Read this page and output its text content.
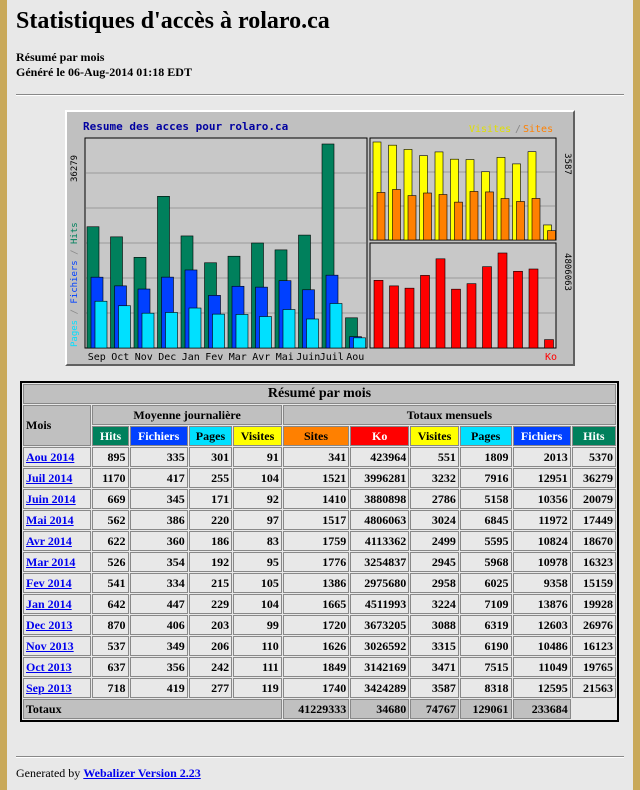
Statistiques d'accès à rolaro.ca
Résumé par mois
Généré le 06-Aug-2014 01:18 EDT
Resume des acces pour rolaro.ca	Visites / Sites
36279
Pages / Fichiers / Hits
3587
4806063
Ko
Sep Oct Nov Dec Jan Fev Mar Avr Mai Juin Juil Aou
Résumé par mois										
Mois	Moyenne journalière				Totaux mensuels					
	Hits	Fichiers	Pages	Visites	Sites	Ko	Visites	Pages	Fichiers	Hits
Aou 2014	895	335	301	91	341	423964	551	1809	2013	5370
Juil 2014	1170	417	255	104	1521	3996281	3232	7916	12951	36279
Juin 2014	669	345	171	92	1410	3880898	2786	5158	10356	20079
Mai 2014	562	386	220	97	1517	4806063	3024	6845	11972	17449
Avr 2014	622	360	186	83	1759	4113362	2499	5595	10824	18670
Mar 2014	526	354	192	95	1776	3254837	2945	5968	10978	16323
Fev 2014	541	334	215	105	1386	2975680	2958	6025	9358	15159
Jan 2014	642	447	229	104	1665	4511993	3224	7109	13876	19928
Dec 2013	870	406	203	99	1720	3673205	3088	6319	12603	26976
Nov 2013	537	349	206	110	1626	3026592	3315	6190	10486	16123
Oct 2013	637	356	242	111	1849	3142169	3471	7515	11049	19765
Sep 2013	718	419	277	119	1740	3424289	3587	8318	12595	21563
Totaux					41229333	34680	74767	129061	233684	
Generated by Webalizer Version 2.23
